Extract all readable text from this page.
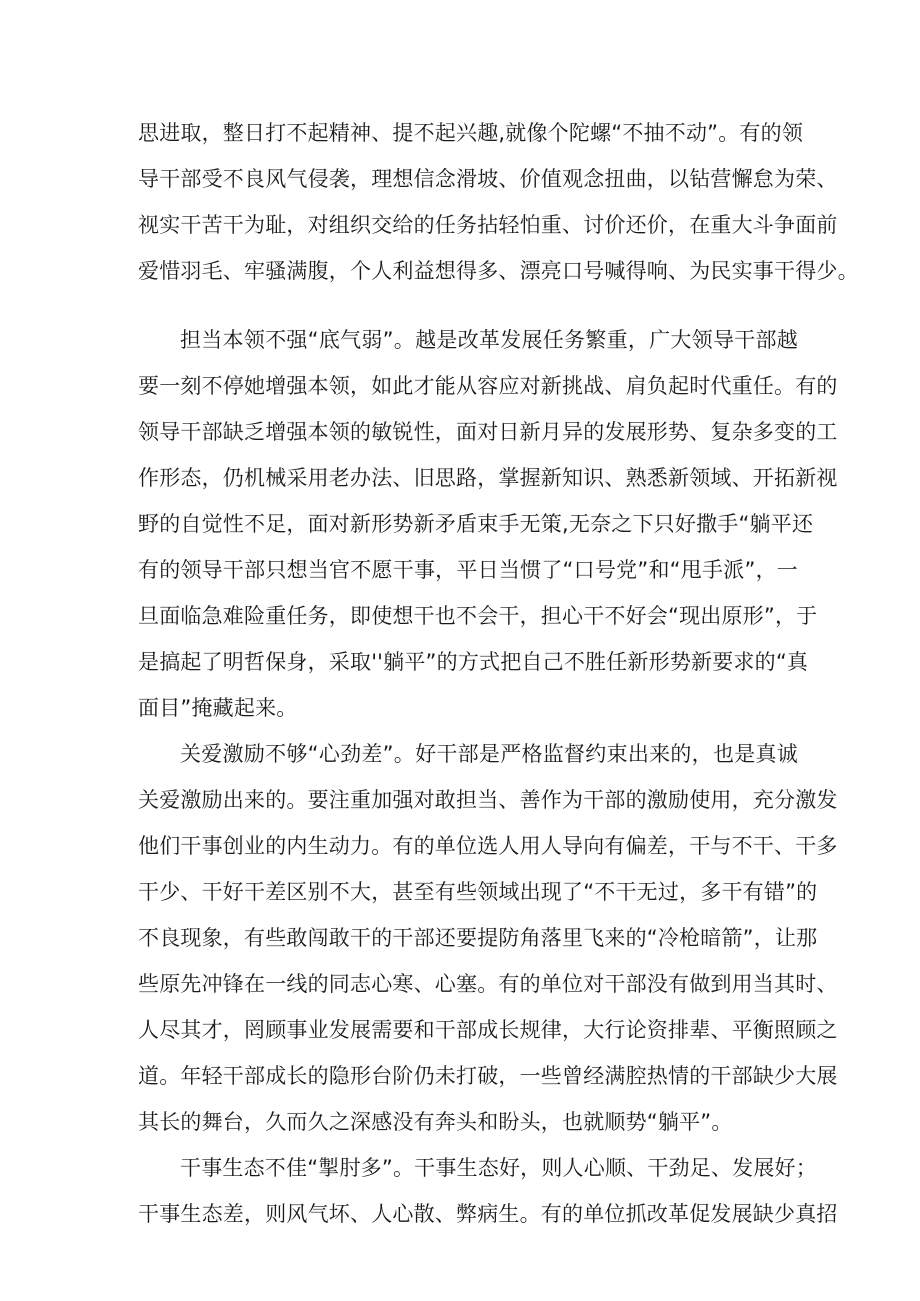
思进取，整日打不起精神、提不起兴趣,就像个陀螺“不抽不动”。有的领
导干部受不良风气侵袭，理想信念滑坡、价值观念扭曲，以钻营懈怠为荣、
视实干苦干为耻，对组织交给的任务拈轻怕重、讨价还价，在重大斗争面前
爱惜羽毛、牢骚满腹，个人利益想得多、漂亮口号喊得响、为民实事干得少。
担当本领不强“底气弱”。越是改革发展任务繁重，广大领导干部越
要一刻不停她增强本领，如此才能从容应对新挑战、肩负起时代重任。有的
领导干部缺乏增强本领的敏锐性，面对日新月异的发展形势、复杂多变的工
作形态，仍机械采用老办法、旧思路，掌握新知识、熟悉新领域、开拓新视
野的自觉性不足，面对新形势新矛盾束手无策,无奈之下只好撒手“躺平还
有的领导干部只想当官不愿干事，平日当惯了“口号党”和“甩手派”，一
旦面临急难险重任务，即使想干也不会干，担心干不好会“现出原形”，于
是搞起了明哲保身，采取''躺平”的方式把自己不胜任新形势新要求的“真
面目”掩藏起来。
关爱激励不够“心劲差”。好干部是严格监督约束出来的，也是真诚
关爱激励出来的。要注重加强对敢担当、善作为干部的激励使用，充分激发
他们干事创业的内生动力。有的单位选人用人导向有偏差，干与不干、干多
干少、干好干差区别不大，甚至有些领域出现了“不干无过，多干有错”的
不良现象，有些敢闯敢干的干部还要提防角落里飞来的“冷枪暗箭”，让那
些原先冲锋在一线的同志心寒、心塞。有的单位对干部没有做到用当其时、
人尽其才，罔顾事业发展需要和干部成长规律，大行论资排辈、平衡照顾之
道。年轻干部成长的隐形台阶仍未打破，一些曾经满腔热情的干部缺少大展
其长的舞台，久而久之深感没有奔头和盼头，也就顺势“躺平”。
干事生态不佳“掣肘多”。干事生态好，则人心顺、干劲足、发展好；
干事生态差，则风气坏、人心散、弊病生。有的单位抓改革促发展缺少真招
